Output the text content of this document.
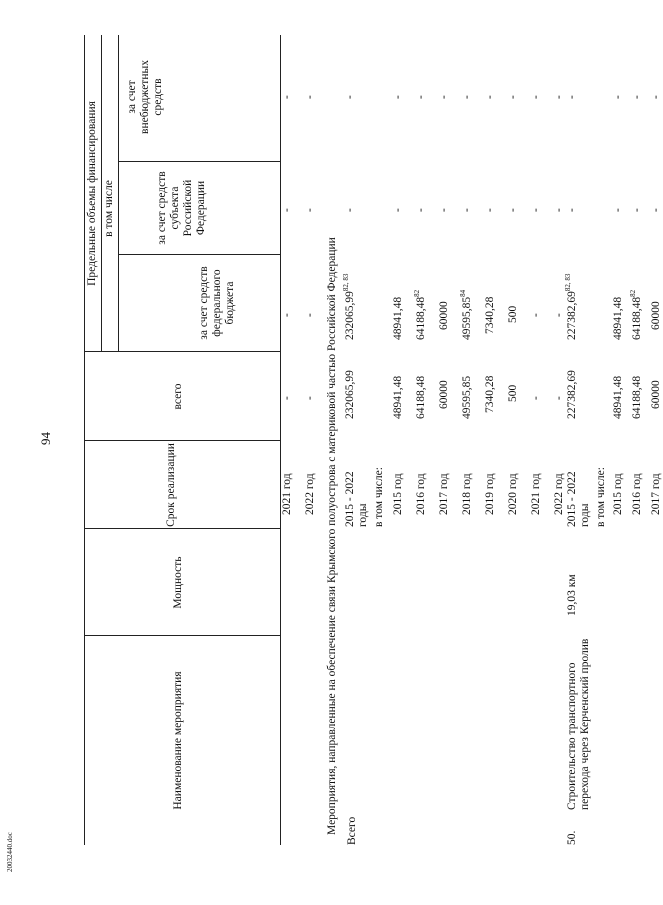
94
20032440.doc
Наименование мероприятия
Мощность
Срок реализации
всего
Предельные объемы финансирования в том числе
за счет средств федерального бюджета
за счет средств субъекта Российской Федерации
за счет внебюджетных средств
2021 год
-
-
-
-
2022 год
-
-
-
-
Мероприятия, направленные на обеспечение связи Крымского полуострова с материковой частью Российской Федерации Всего
2015 - 2022 годы
232065,99
232065,99$^{82, 83}$
-
-
в том числе: 2015 год
48941,48
48941,48
-
-
2016 год
64188,48
64188,48$^{82}$
-
-
2017 год
60000
60000
-
-
2018 год
49595,85
49595,85$^{84}$
-
-
2019 год
7340,28
7340,28
-
-
2020 год
500
500
-
-
2021 год
-
-
-
-
2022 год
-
-
-
-
50.
Строительство транспортного перехода через Керченский пролив
19,03 км
2015 - 2022 годы
227382,69
227382,69$^{82, 83}$
-
-
в том числе: 2015 год
48941,48
48941,48
-
-
2016 год
64188,48
64188,48$^{82}$
-
-
2017 год
60000
60000
-
-
